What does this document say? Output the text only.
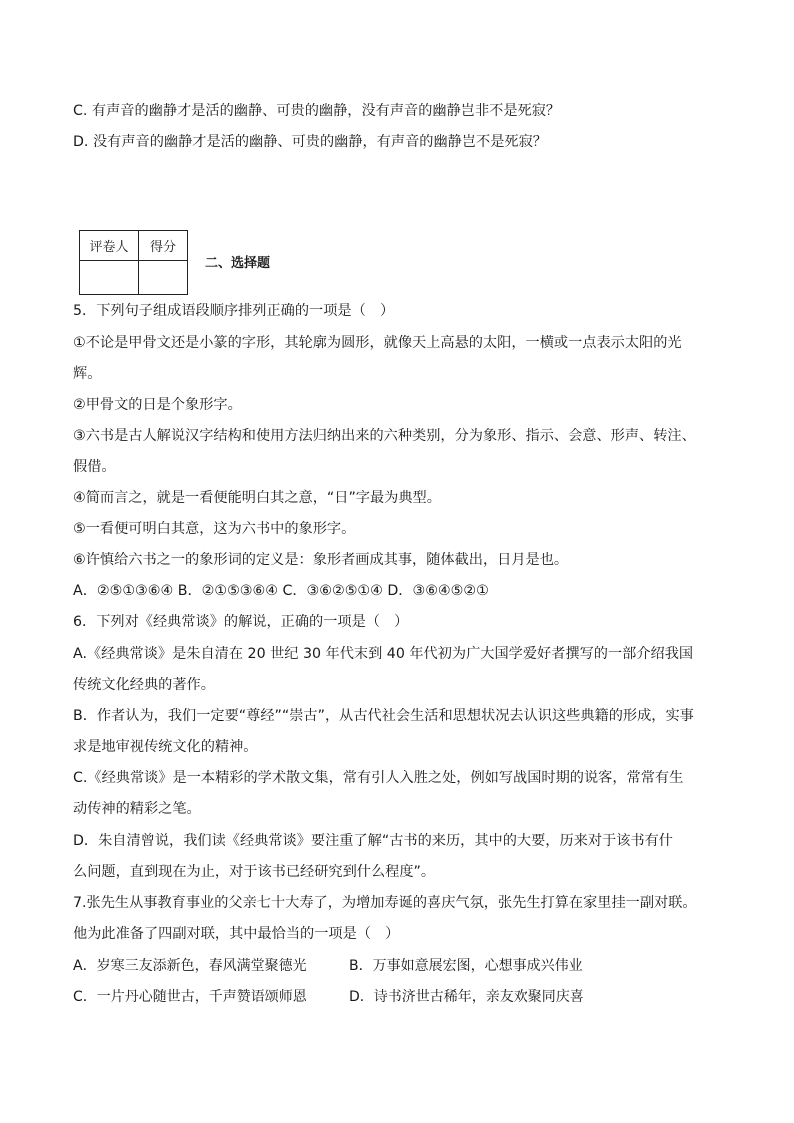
C. 有声音的幽静才是活的幽静、可贵的幽静，没有声音的幽静岂非不是死寂？
D. 没有声音的幽静才是活的幽静、可贵的幽静，有声音的幽静岂不是死寂？
评卷人	得分

二、选择题
5．下列句子组成语段顺序排列正确的一项是（　）
①不论是甲骨文还是小篆的字形，其轮廓为圆形，就像天上高悬的太阳，一横或一点表示太阳的光
辉。
②甲骨文的日是个象形字。
③六书是古人解说汉字结构和使用方法归纳出来的六种类别，分为象形、指示、会意、形声、转注、
假借。
④简而言之，就是一看便能明白其之意，“日”字最为典型。
⑤一看便可明白其意，这为六书中的象形字。
⑥许慎给六书之一的象形词的定义是：象形者画成其事，随体截出，日月是也。
A．②⑤①③⑥④ B．②①⑤③⑥④ C．③⑥②⑤①④ D．③⑥④⑤②①
6．下列对《经典常谈》的解说，正确的一项是（　）
A.《经典常谈》是朱自清在 20 世纪 30 年代末到 40 年代初为广大国学爱好者撰写的一部介绍我国
传统文化经典的著作。
B．作者认为，我们一定要“尊经”“崇古”，从古代社会生活和思想状况去认识这些典籍的形成，实事
求是地审视传统文化的精神。
C.《经典常谈》是一本精彩的学术散文集，常有引人入胜之处，例如写战国时期的说客，常常有生
动传神的精彩之笔。
D．朱自清曾说，我们读《经典常谈》要注重了解“古书的来历，其中的大要，历来对于该书有什
么问题，直到现在为止，对于该书已经研究到什么程度”。
7.张先生从事教育事业的父亲七十大寿了，为增加寿诞的喜庆气氛，张先生打算在家里挂一副对联。
他为此准备了四副对联，其中最恰当的一项是（　）
A．岁寒三友添新色，春风满堂聚德光	B．万事如意展宏图，心想事成兴伟业
C．一片丹心随世古，千声赞语颂师恩	D．诗书济世古稀年，亲友欢聚同庆喜
